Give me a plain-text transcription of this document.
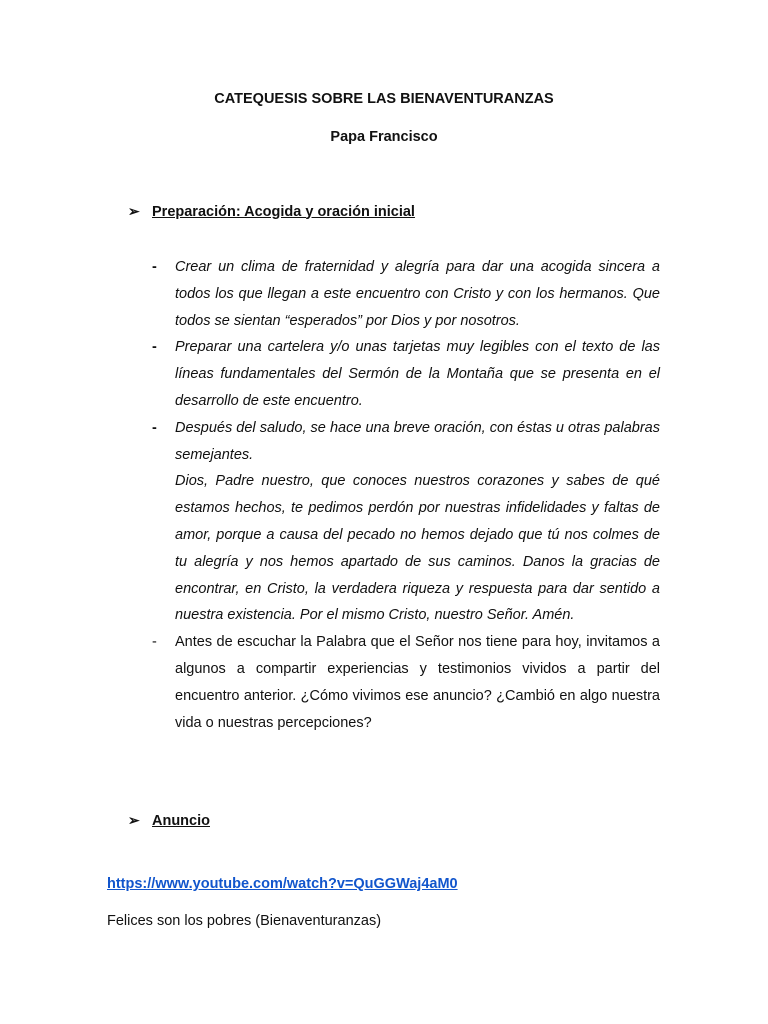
CATEQUESIS SOBRE LAS BIENAVENTURANZAS

Papa Francisco

➢ Preparación: Acogida y oración inicial
- Crear un clima de fraternidad y alegría para dar una acogida sincera a todos los que llegan a este encuentro con Cristo y con los hermanos. Que todos se sientan “esperados” por Dios y por nosotros.
- Preparar una cartelera y/o unas tarjetas muy legibles con el texto de las líneas fundamentales del Sermón de la Montaña que se presenta en el desarrollo de este encuentro.
- Después del saludo, se hace una breve oración, con éstas u otras palabras semejantes.
Dios, Padre nuestro, que conoces nuestros corazones y sabes de qué estamos hechos, te pedimos perdón por nuestras infidelidades y faltas de amor, porque a causa del pecado no hemos dejado que tú nos colmes de tu alegría y nos hemos apartado de sus caminos. Danos la gracias de encontrar, en Cristo, la verdadera riqueza y respuesta para dar sentido a nuestra existencia. Por el mismo Cristo, nuestro Señor. Amén.
- Antes de escuchar la Palabra que el Señor nos tiene para hoy, invitamos a algunos a compartir experiencias y testimonios vividos a partir del encuentro anterior. ¿Cómo vivimos ese anuncio? ¿Cambió en algo nuestra vida o nuestras percepciones?
➢ Anuncio
https://www.youtube.com/watch?v=QuGGWaj4aM0
Felices son los pobres (Bienaventuranzas)
